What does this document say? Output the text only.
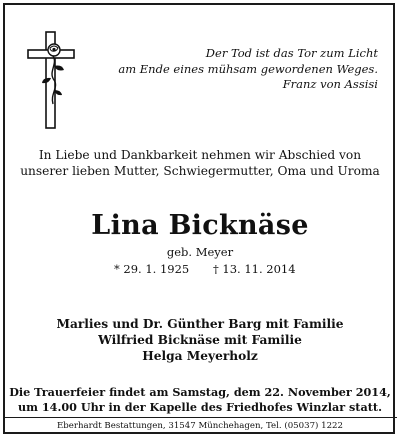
Der Tod ist das Tor zum Licht
am Ende eines mühsam gewordenen Weges.
Franz von Assisi
In Liebe und Dankbarkeit nehmen wir Abschied von
unserer lieben Mutter, Schwiegermutter, Oma und Uroma
Lina Bicknäse
geb. Meyer
* 29. 1. 1925 † 13. 11. 2014
Marlies und Dr. Günther Barg mit Familie
Wilfried Bicknäse mit Familie
Helga Meyerholz
Die Trauerfeier findet am Samstag, dem 22. November 2014,
um 14.00 Uhr in der Kapelle des Friedhofes Winzlar statt.
Eberhardt Bestattungen, 31547 Münchehagen, Tel. (05037) 1222
